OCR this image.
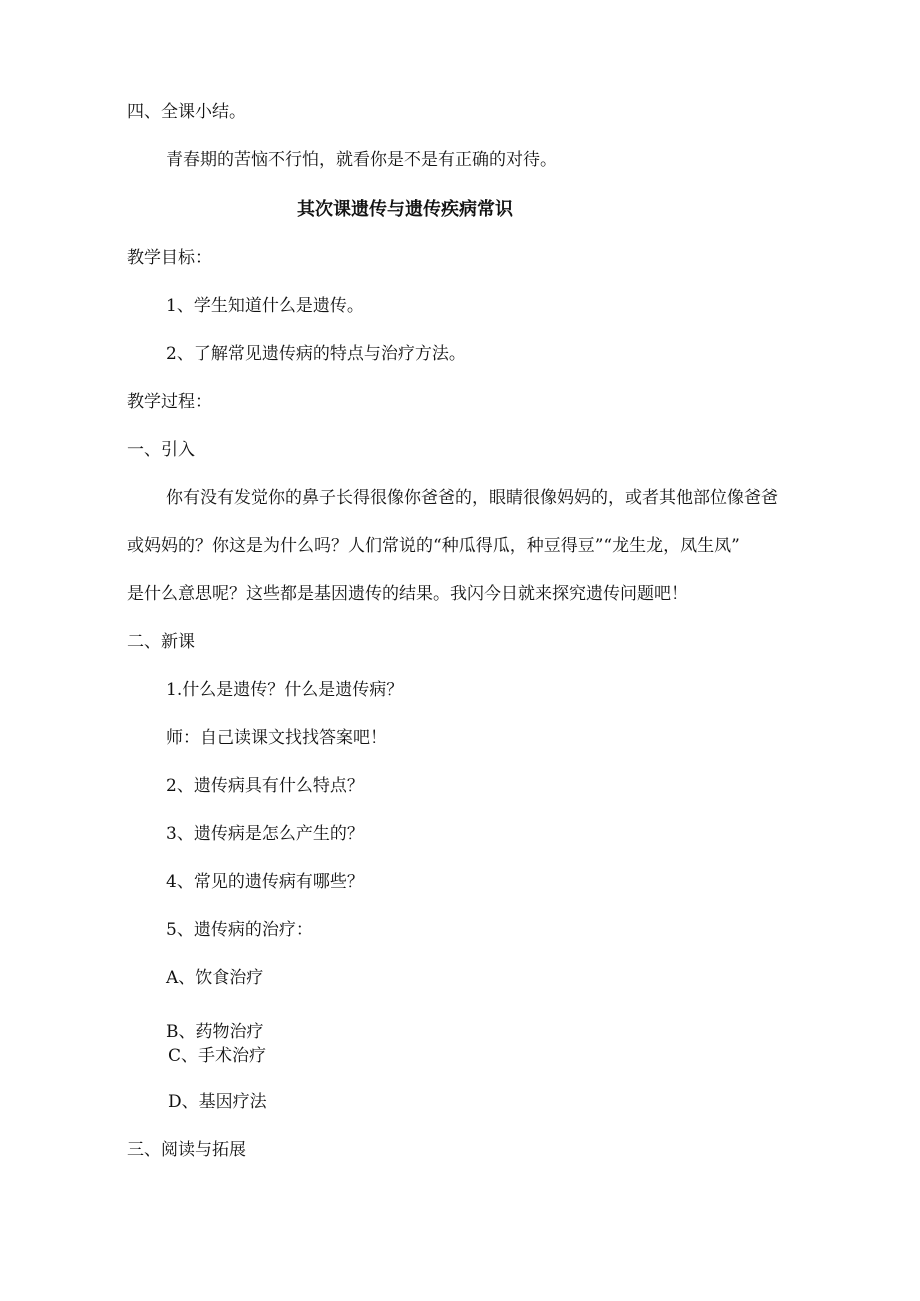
四、全课小结。
青春期的苦恼不行怕，就看你是不是有正确的对待。
其次课遗传与遗传疾病常识
教学目标：
1、学生知道什么是遗传。
2、了解常见遗传病的特点与治疗方法。
教学过程：
一、引入
你有没有发觉你的鼻子长得很像你爸爸的，眼睛很像妈妈的，或者其他部位像爸爸
或妈妈的？你这是为什么吗？人们常说的“种瓜得瓜，种豆得豆”“龙生龙，凤生凤”
是什么意思呢？这些都是基因遗传的结果。我闪今日就来探究遗传问题吧！
二、新课
1.什么是遗传？什么是遗传病？
师：自己读课文找找答案吧！
2、遗传病具有什么特点？
3、遗传病是怎么产生的？
4、常见的遗传病有哪些？
5、遗传病的治疗：
A、饮食治疗
B、药物治疗
C、手术治疗
D、基因疗法
三、阅读与拓展
